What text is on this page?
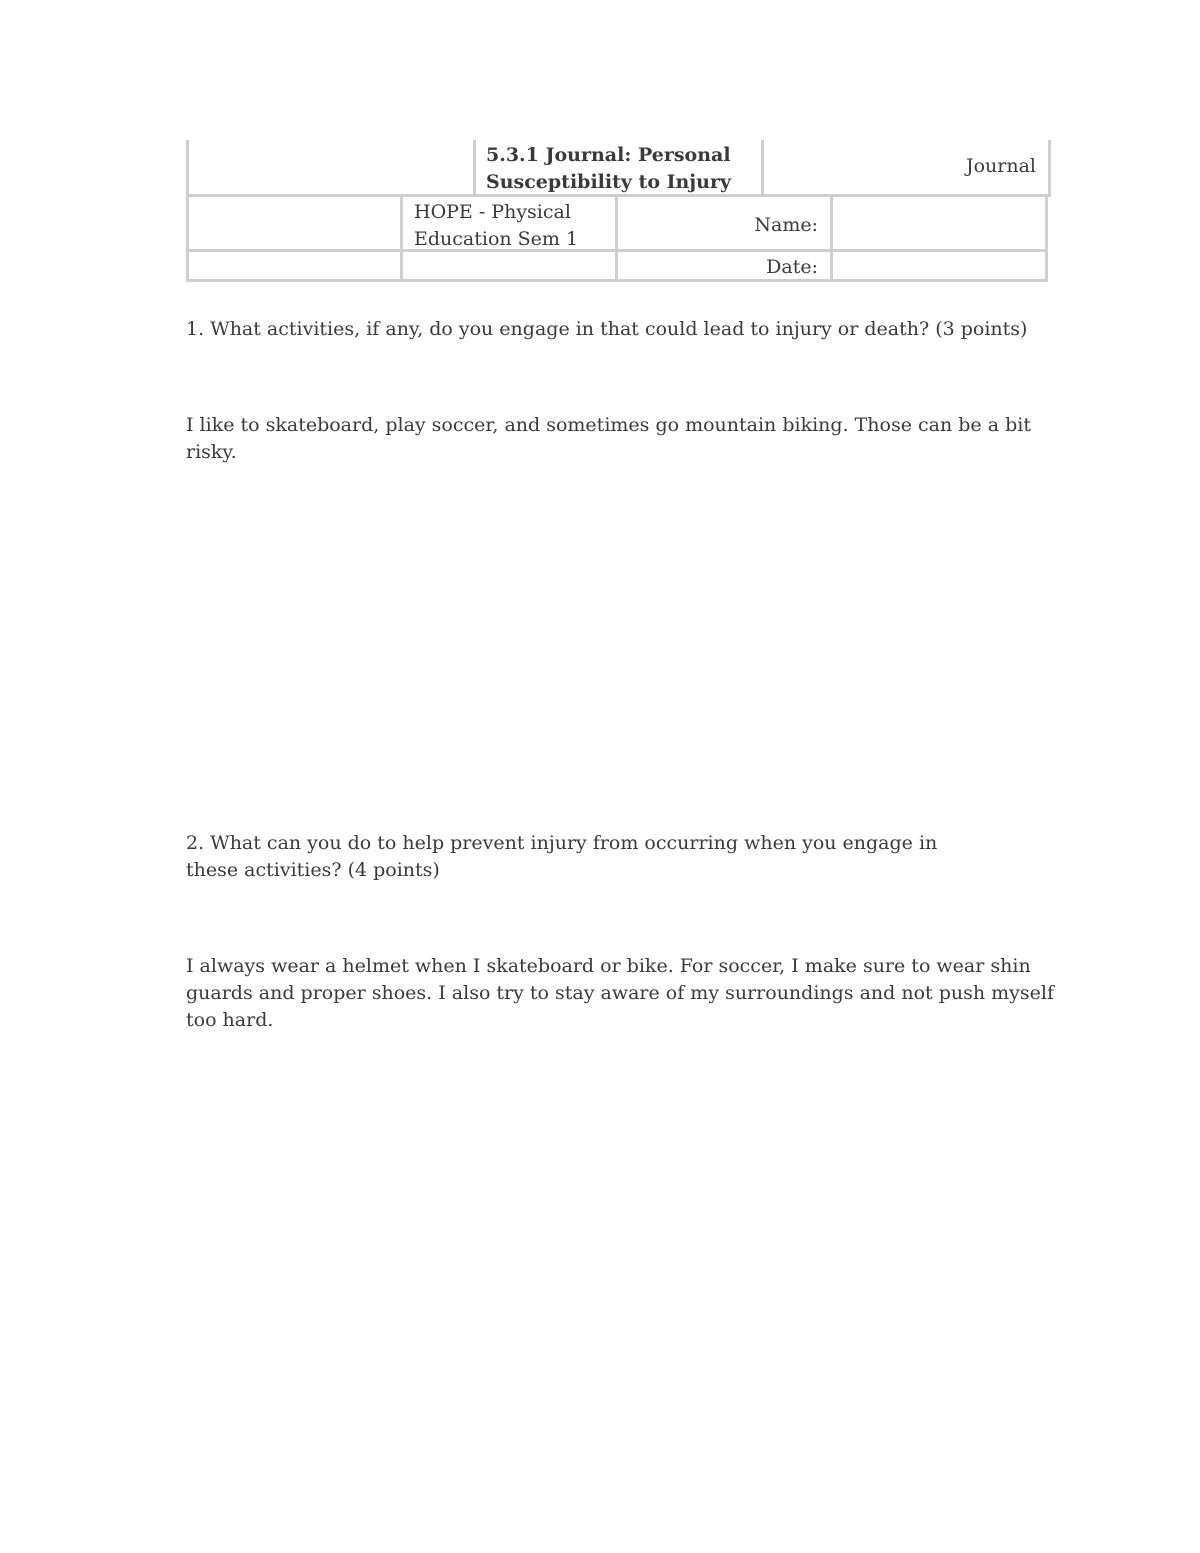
5.3.1 Journal: Personal Susceptibility to Injury
Journal
HOPE - Physical Education Sem 1
Name:
Date:

1. What activities, if any, do you engage in that could lead to injury or death? (3 points)

I like to skateboard, play soccer, and sometimes go mountain biking. Those can be a bit risky.

2. What can you do to help prevent injury from occurring when you engage in these activities? (4 points)

I always wear a helmet when I skateboard or bike. For soccer, I make sure to wear shin guards and proper shoes. I also try to stay aware of my surroundings and not push myself too hard.
